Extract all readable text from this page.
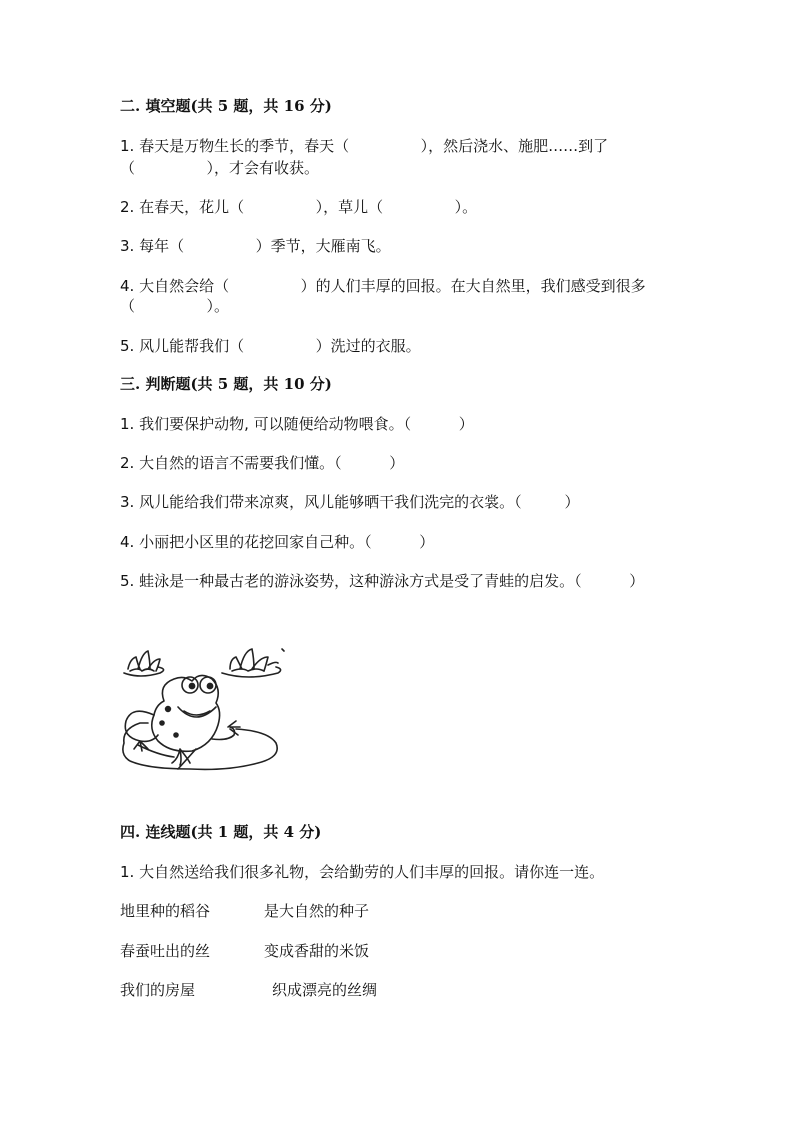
二. 填空题(共 5 题，共 16 分)
1. 春天是万物生长的季节，春天（               ），然后浇水、施肥……到了
（               ），才会有收获。
2. 在春天，花儿（               ），草儿（               ）。
3. 每年（               ）季节，大雁南飞。
4. 大自然会给（               ）的人们丰厚的回报。在大自然里，我们感受到很多
（               ）。
5. 风儿能帮我们（               ）洗过的衣服。
三. 判断题(共 5 题，共 10 分)
1. 我们要保护动物, 可以随便给动物喂食。（          ）
2. 大自然的语言不需要我们懂。（          ）
3. 风儿能给我们带来凉爽，风儿能够晒干我们洗完的衣裳。（         ）
4. 小丽把小区里的花挖回家自己种。（          ）
5. 蛙泳是一种最古老的游泳姿势，这种游泳方式是受了青蛙的启发。（          ）
四. 连线题(共 1 题，共 4 分)
1. 大自然送给我们很多礼物，会给勤劳的人们丰厚的回报。请你连一连。
地里种的稻谷	是大自然的种子
春蚕吐出的丝	变成香甜的米饭
我们的房屋	织成漂亮的丝绸
